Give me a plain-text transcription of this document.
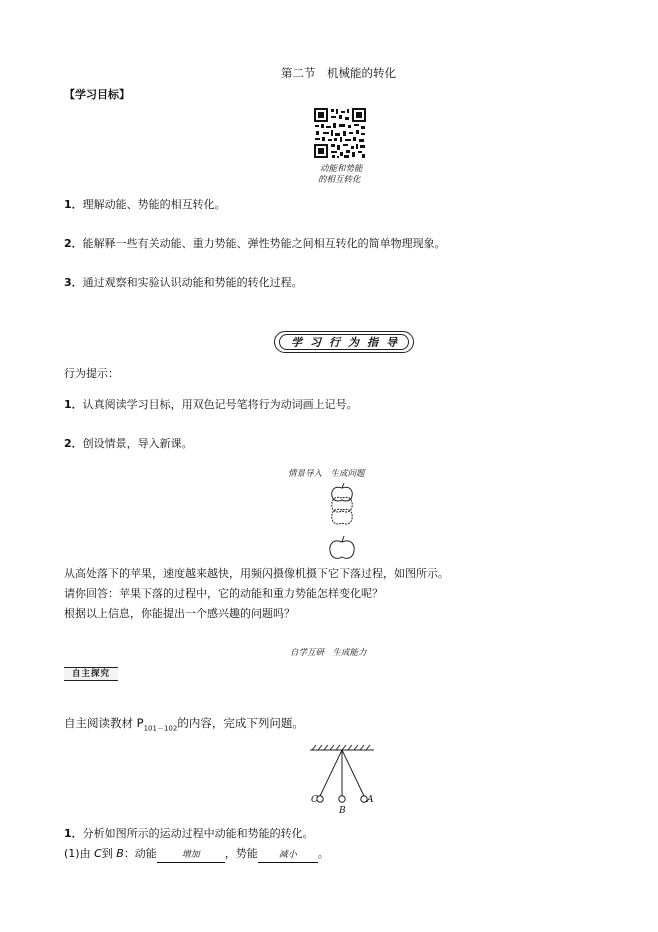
第二节　机械能的转化
【学习目标】
动能和势能
的相互转化
1．理解动能、势能的相互转化。
2．能解释一些有关动能、重力势能、弹性势能之间相互转化的简单物理现象。
3．通过观察和实验认识动能和势能的转化过程。
学习行为指导
行为提示：
1．认真阅读学习目标，用双色记号笔将行为动词画上记号。
2．创设情景，导入新课。
情景导入　生成问题
从高处落下的苹果，速度越来越快，用频闪摄像机摄下它下落过程，如图所示。
请你回答：苹果下落的过程中，它的动能和重力势能怎样变化呢？
根据以上信息，你能提出一个感兴趣的问题吗？
自学互研　生成能力
自主探究
自主阅读教材 $P_{101-102}$的内容，完成下列问题。
C
B
A
1．分析如图所示的运动过程中动能和势能的转化。
(1)由 C到 B：动能	增加 ，势能 减小 。
